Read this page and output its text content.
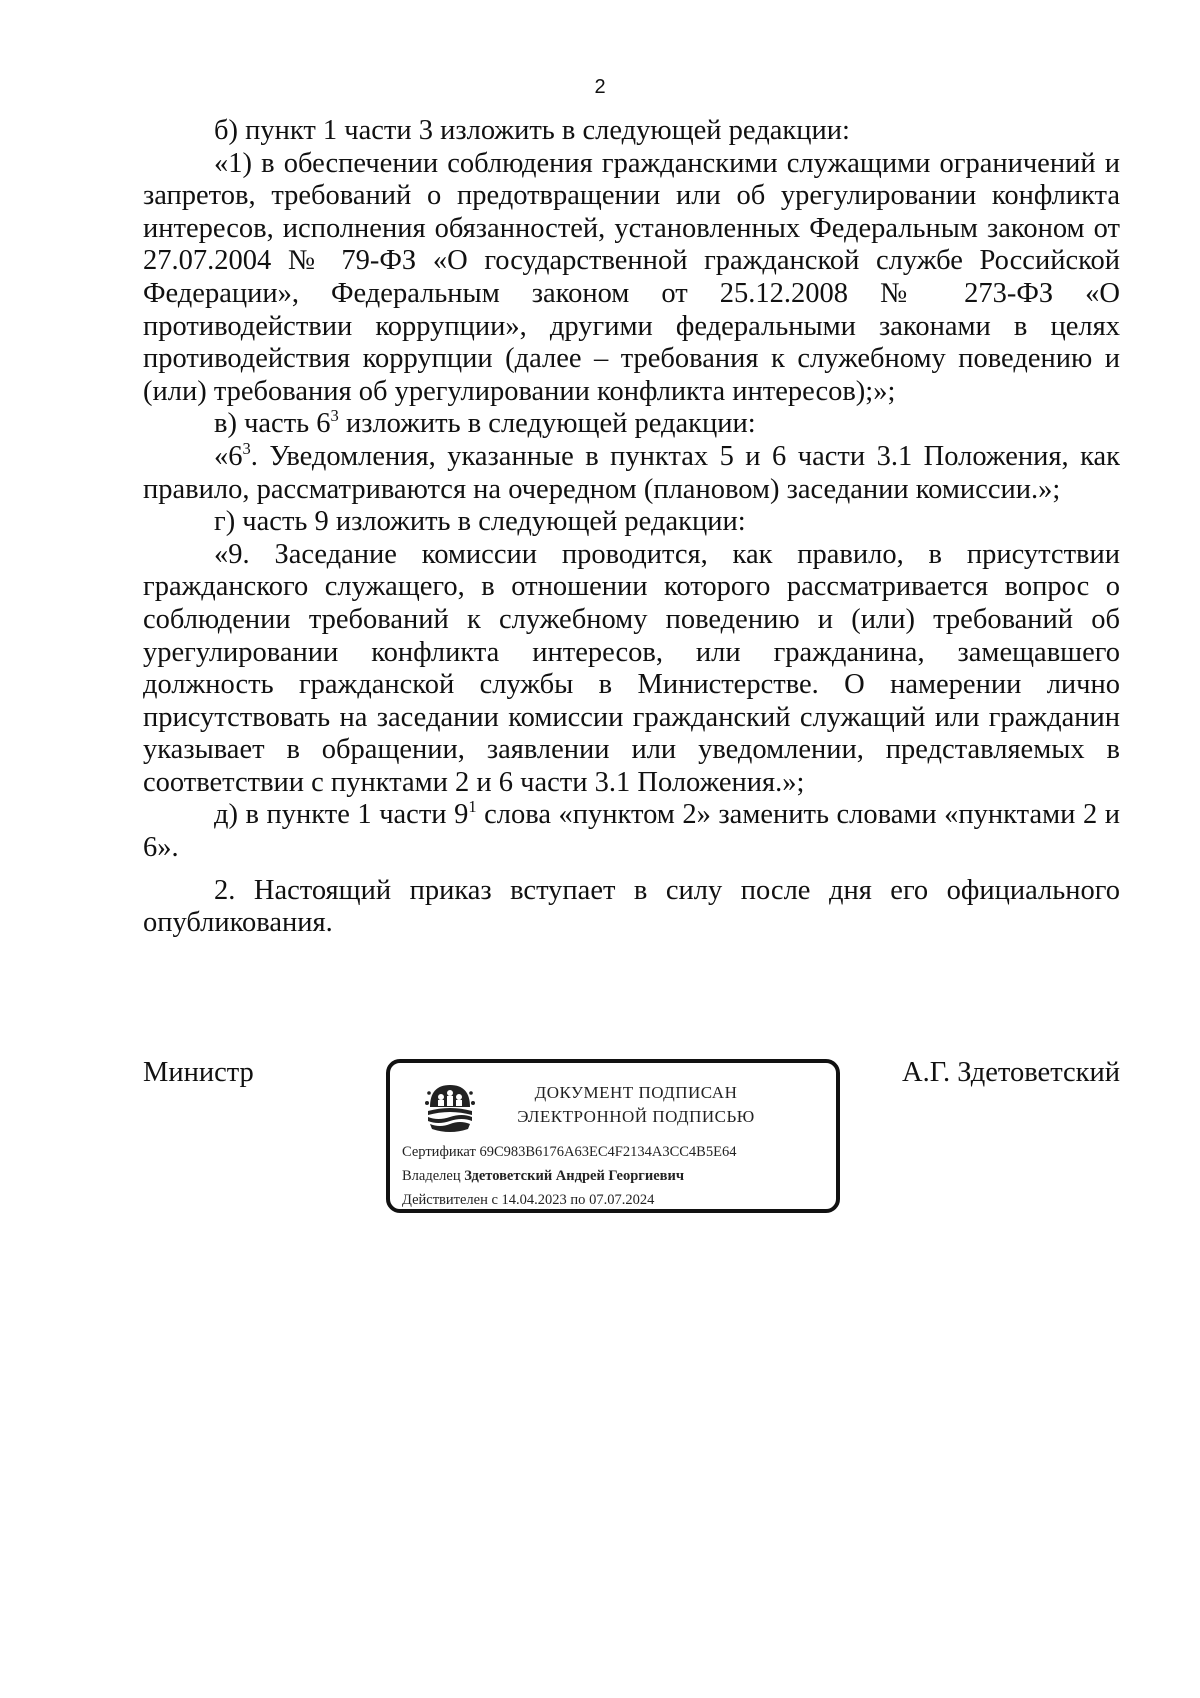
2

б) пункт 1 части 3 изложить в следующей редакции:

«1) в обеспечении соблюдения гражданскими служащими ограничений и запретов, требований о предотвращении или об урегулировании конфликта интересов, исполнения обязанностей, установленных Федеральным законом от 27.07.2004 № 79-ФЗ «О государственной гражданской службе Российской Федерации», Федеральным законом от 25.12.2008 № 273-ФЗ «О противодействии коррупции», другими федеральными законами в целях противодействия коррупции (далее – требования к служебному поведению и (или) требования об урегулировании конфликта интересов);»;

в) часть $6^3$ изложить в следующей редакции:

«$6^3$. Уведомления, указанные в пунктах 5 и 6 части 3.1 Положения, как правило, рассматриваются на очередном (плановом) заседании комиссии.»;

г) часть 9 изложить в следующей редакции:

«9. Заседание комиссии проводится, как правило, в присутствии гражданского служащего, в отношении которого рассматривается вопрос о соблюдении требований к служебному поведению и (или) требований об урегулировании конфликта интересов, или гражданина, замещавшего должность гражданской службы в Министерстве. О намерении лично присутствовать на заседании комиссии гражданский служащий или гражданин указывает в обращении, заявлении или уведомлении, представляемых в соответствии с пунктами 2 и 6 части 3.1 Положения.»;

д) в пункте 1 части $9^1$ слова «пунктом 2» заменить словами «пунктами 2 и 6».

2. Настоящий приказ вступает в силу после дня его официального опубликования.

Министр
ДОКУМЕНТ ПОДПИСАН
ЭЛЕКТРОННОЙ ПОДПИСЬЮ
Сертификат 69C983B6176A63EC4F2134A3CC4B5E64
Владелец Здетоветский Андрей Георгиевич
Действителен с 14.04.2023 по 07.07.2024
А.Г. Здетоветский
